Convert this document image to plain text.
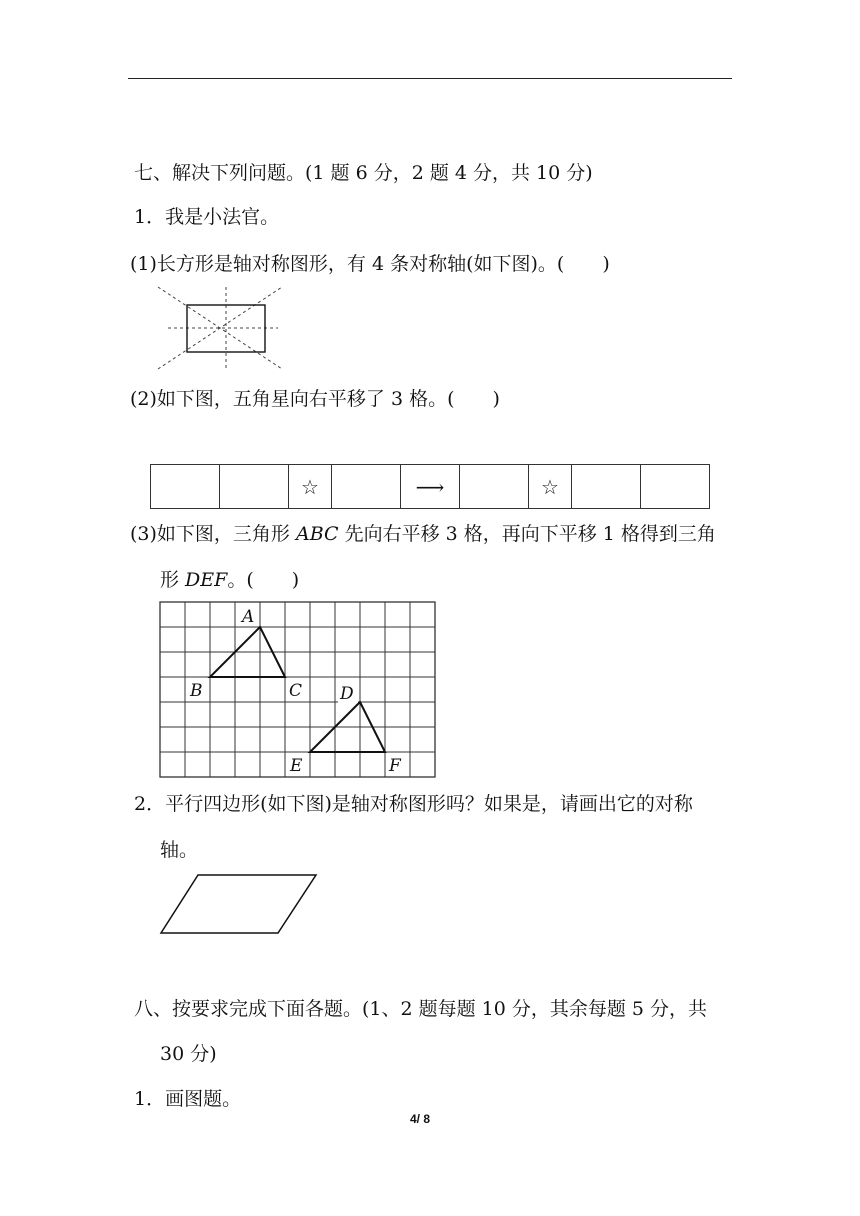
七、解决下列问题。(1 题 6 分，2 题 4 分，共 10 分)
1．我是小法官。
(1)长方形是轴对称图形，有 4 条对称轴(如下图)。(　　)
(2)如下图，五角星向右平移了 3 格。(　　)
☆	⟶	☆
(3)如下图，三角形 ABC 先向右平移 3 格，再向下平移 1 格得到三角
形 DEF。(　　)
A
B	C D
E	F
2．平行四边形(如下图)是轴对称图形吗？如果是，请画出它的对称
轴。
八、按要求完成下面各题。(1、2 题每题 10 分，其余每题 5 分，共
30 分)
1．画图题。
4/ 8
